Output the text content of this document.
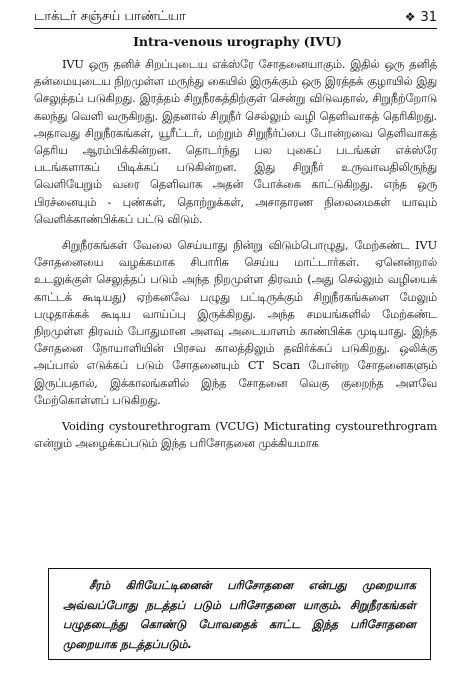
டாக்டர் சஞ்சய் பாண்ட்யா	❖ 31
Intra-venous urography (IVU)

IVU ஒரு தனிச் சிறப்புடைய எக்ஸ்ரே சோதனையாகும். இதில் ஒரு தனித் தன்மையுடைய நிறமுள்ள மருந்து கையில் இருக்கும் ஒரு இரத்தக் குழாயில் இது செலுத்தப் படுகிறது. இரத்தம் சிறுநீரகத்திற்குள் சென்று விடுவதால், சிறுநீற்றோடு கலந்து வெளி வருகிறது. இதனால் சிறுநீர் செல்லும் வழி தெளிவாகத் தெரிகிறது. அதாவது சிறுநீரகங்கள், யூரீட்டர், மற்றும் சிறுநீர்ப்பை போன்றவை தெளிவாகத் தெரிய ஆரம்பிக்கின்றன. தொடர்ந்து பல புகைப் படங்கள் எக்ஸ்ரே படங்களாகப் பிடிக்கப் படுகின்றன. இது சிறுநீர் உருவாவதிலிருந்து வெளியேறும் வரை தெளிவாக அதன் போக்கை காட்டுகிறது. எந்த ஒரு பிரச்னையும் - புண்கள், தொற்றுக்கள், அசாதாரண நிலைமைகள் யாவும் வெளிக்காண்பிக்கப் பட்டு விடும்.

சிறுநீரகங்கள் வேலை செய்யாது நின்று விடும்பொழுது, மேற்கண்ட IVU சோதனையை வழக்கமாக சிபாரிசு செய்ய மாட்டார்கள். ஏனென்றால் உடலுக்குள் செலுத்தப் படும் அந்த நிறமுள்ள திரவம் (அது செல்லும் வழியைக் காட்டக் கூடியது) ஏற்கனவே பழுது பட்டிருக்கும் சிறுநீரகங்களை மேலும் பழுதாக்கக் கூடிய வாய்ப்பு இருக்கிறது. அந்த சமயங்களில் மேற்கண்ட நிறமுள்ள திரவம் போதுமான அளவு அடையாளம் காண்பிக்க முடியாது. இந்த சோதனை நோயாளியின் பிரசவ காலத்திலும் தவிர்க்கப் படுகிறது. ஒலிக்கு அப்பால் எடுக்கப் படும் சோதனையும் CT Scan போன்ற சோதனைகளும் இருப்பதால், இக்காலங்களில் இந்த சோதனை வெகு குறைந்த அளவே மேற்கொள்ளப் படுகிறது.

Voiding cystourethrogram (VCUG) Micturating cystourethrogram என்றும் அழைக்கப்படும் இந்த பரிசோதனை முக்கியமாக

சீரம் கிரியேட்டினைன் பரிசோதனை என்பது முறையாக அவ்வப்போது நடத்தப் படும் பரிசோதனை யாகும். சிறுநீரகங்கள் பழுதடைந்து கொண்டு போவதைக் காட்ட இந்த பரிசோதனை முறையாக நடத்தப்படும்.
